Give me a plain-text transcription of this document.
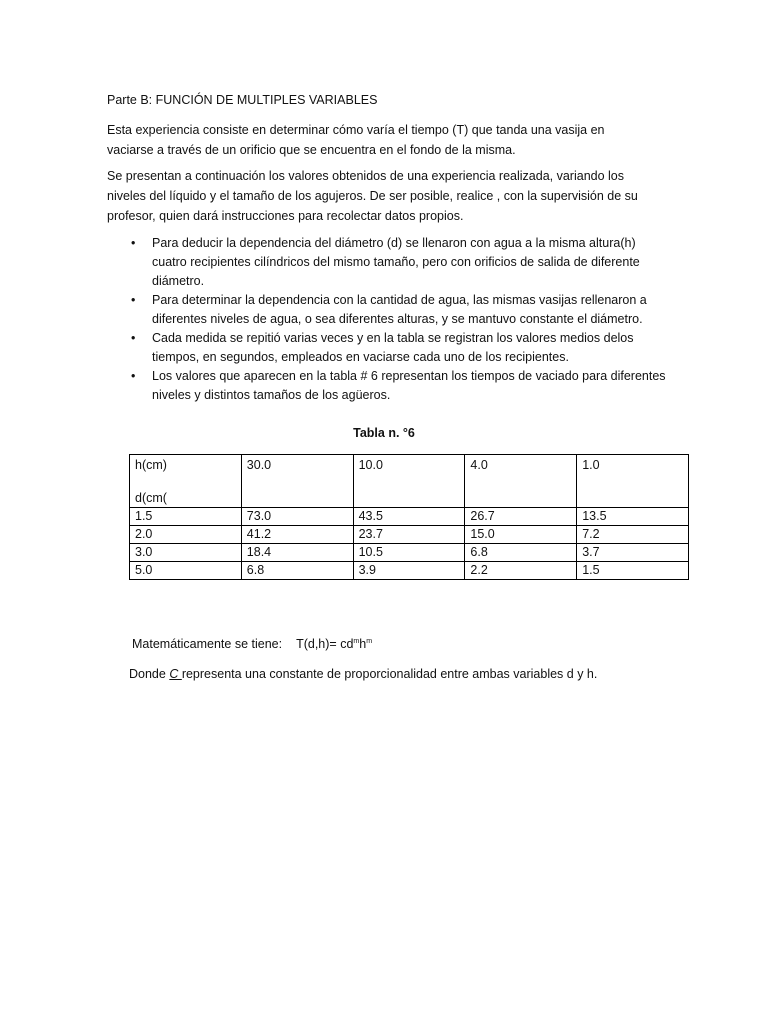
Parte B: FUNCIÓN DE MULTIPLES VARIABLES

Esta experiencia consiste en determinar cómo varía el tiempo (T) que tanda una vasija en vaciarse a través de un orificio que se encuentra en el fondo de la misma.

Se presentan a continuación los valores obtenidos de una experiencia realizada, variando los niveles del líquido y el tamaño de los agujeros. De ser posible, realice , con la supervisión de su profesor, quien dará instrucciones para recolectar datos propios.

• Para deducir la dependencia del diámetro (d) se llenaron con agua a la misma altura(h) cuatro recipientes cilíndricos del mismo tamaño, pero con orificios de salida de diferente diámetro.
• Para determinar la dependencia con la cantidad de agua, las mismas vasijas rellenaron a diferentes niveles de agua, o sea diferentes alturas, y se mantuvo constante el diámetro.
• Cada medida se repitió varias veces y en la tabla se registran los valores medios delos tiempos, en segundos, empleados en vaciarse cada uno de los recipientes.
• Los valores que aparecen en la tabla # 6 representan los tiempos de vaciado para diferentes niveles y distintos tamaños de los agüeros.

Tabla n. °6

h(cm)
d(cm(	30.0	10.0	4.0	1.0
1.5	73.0	43.5	26.7	13.5
2.0	41.2	23.7	15.0	7.2
3.0	18.4	10.5	6.8	3.7
5.0	6.8	3.9	2.2	1.5

Matemáticamente se tiene: $T(d,h)= cd^mh^m$

Donde C representa una constante de proporcionalidad entre ambas variables d y h.
